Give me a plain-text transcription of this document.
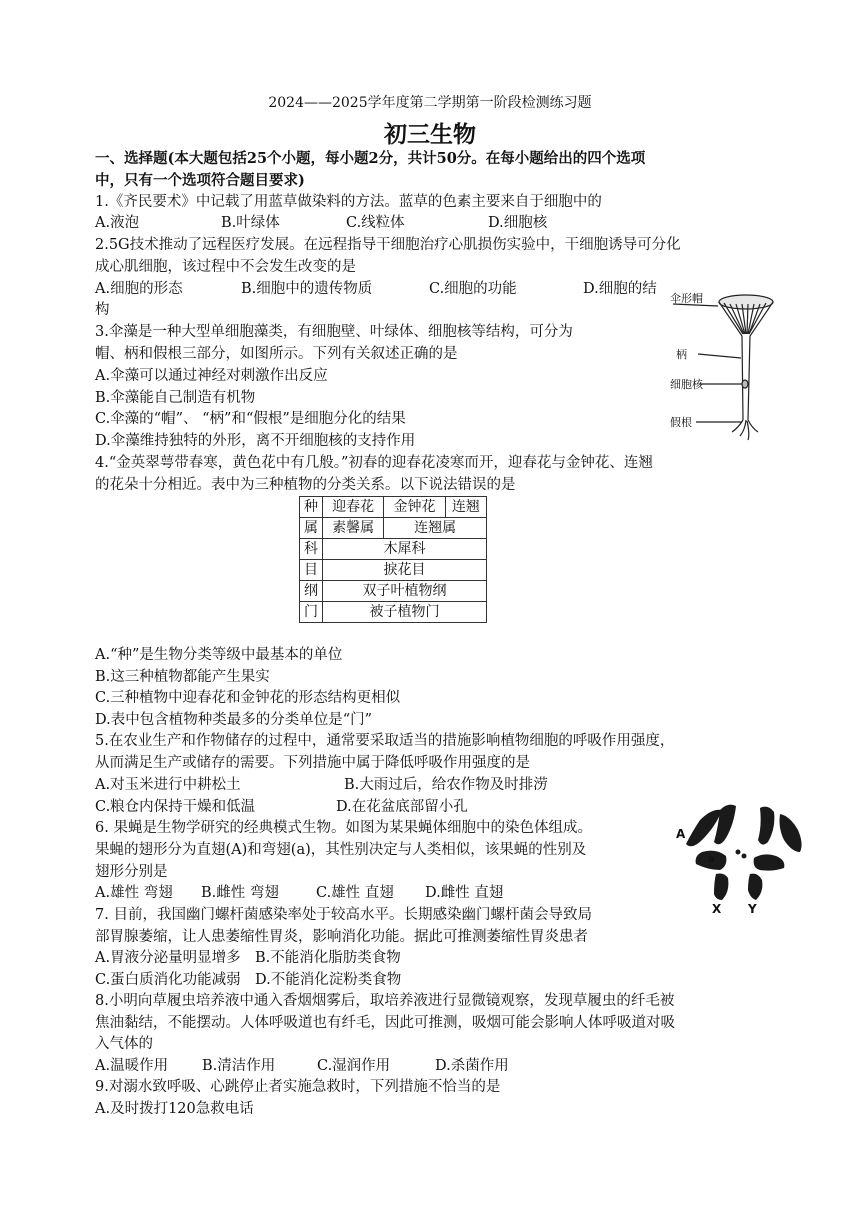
2024——2025学年度第二学期第一阶段检测练习题
初三生物
一、选择题(本大题包括25个小题，每小题2分，共计50分。在每小题给出的四个选项
中，只有一个选项符合题目要求)
1.《齐民要术》中记载了用蓝草做染料的方法。蓝草的色素主要来自于细胞中的
A.液泡	B.叶绿体	C.线粒体	D.细胞核
2.5G技术推动了远程医疗发展。在远程指导干细胞治疗心肌损伤实验中，干细胞诱导可分化
成心肌细胞，该过程中不会发生改变的是
A.细胞的形态	B.细胞中的遗传物质	C.细胞的功能	D.细胞的结
构
3.伞藻是一种大型单细胞藻类，有细胞壁、叶绿体、细胞核等结构，可分为
帽、柄和假根三部分，如图所示。下列有关叙述正确的是
A.伞藻可以通过神经对刺激作出反应
B.伞藻能自己制造有机物
C.伞藻的“帽”、 “柄”和“假根”是细胞分化的结果
D.伞藻维持独特的外形，离不开细胞核的支持作用
伞形帽
柄
细胞核
假根
4.“金英翠萼带春寒，黄色花中有几般。”初春的迎春花凌寒而开，迎春花与金钟花、连翘
的花朵十分相近。表中为三种植物的分类关系。以下说法错误的是
种	迎春花	金钟花	连翘
属	素馨属	连翘属	
科	木犀科		
目	捩花目		
纲	双子叶植物纲		
门	被子植物门		
A.“种”是生物分类等级中最基本的单位
B.这三种植物都能产生果实
C.三种植物中迎春花和金钟花的形态结构更相似
D.表中包含植物种类最多的分类单位是“门”
5.在农业生产和作物储存的过程中，通常要采取适当的措施影响植物细胞的呼吸作用强度，
从而满足生产或储存的需要。下列措施中属于降低呼吸作用强度的是
A.对玉米进行中耕松土	B.大雨过后，给农作物及时排涝
C.粮仓内保持干燥和低温	D.在花盆底部留小孔
6. 果蝇是生物学研究的经典模式生物。如图为某果蝇体细胞中的染色体组成。
果蝇的翅形分为直翅(A)和弯翅(a)，其性别决定与人类相似，该果蝇的性别及
翅形分别是
A.雄性 弯翅 B.雌性 弯翅	C.雄性 直翅 D.雌性 直翅
A
a
X Y
7. 目前，我国幽门螺杆菌感染率处于较高水平。长期感染幽门螺杆菌会导致局
部胃腺萎缩，让人患萎缩性胃炎，影响消化功能。据此可推测萎缩性胃炎患者
A.胃液分泌量明显增多 B.不能消化脂肪类食物
C.蛋白质消化功能减弱 D.不能消化淀粉类食物
8.小明向草履虫培养液中通入香烟烟雾后，取培养液进行显微镜观察，发现草履虫的纤毛被
焦油黏结，不能摆动。人体呼吸道也有纤毛，因此可推测，吸烟可能会影响人体呼吸道对吸
入气体的
A.温暖作用 B.清洁作用	C.湿润作用	D.杀菌作用
9.对溺水致呼吸、心跳停止者实施急救时，下列措施不恰当的是
A.及时拨打120急救电话
